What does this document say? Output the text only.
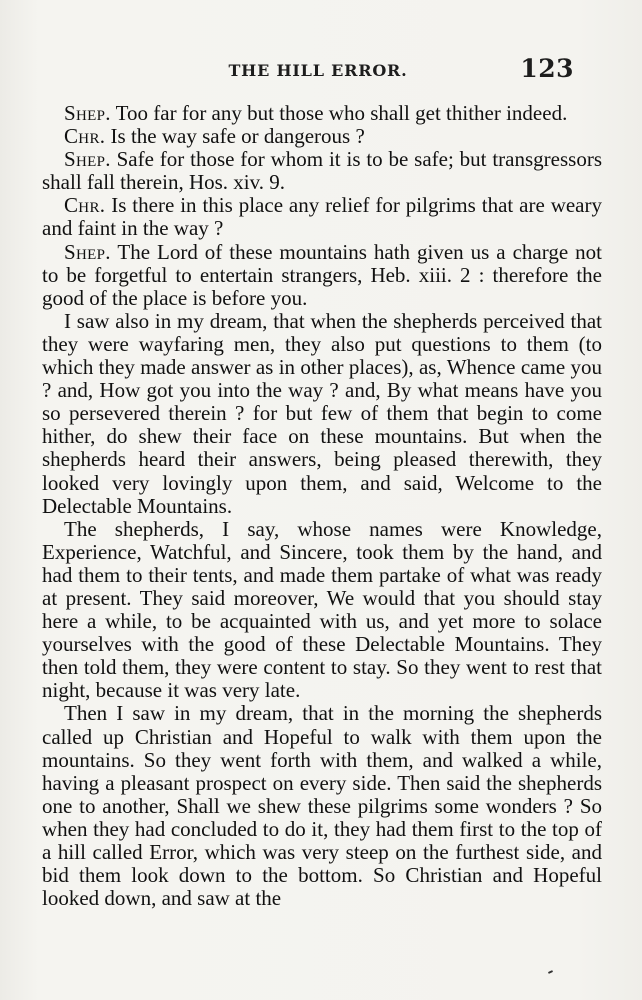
THE HILL ERROR.	123

Shep. Too far for any but those who shall get thither indeed.

Chr. Is the way safe or dangerous ?

Shep. Safe for those for whom it is to be safe; but transgressors shall fall therein, Hos. xiv. 9.

Chr. Is there in this place any relief for pilgrims that are weary and faint in the way ?

Shep. The Lord of these mountains hath given us a charge not to be forgetful to entertain strangers, Heb. xiii. 2 : therefore the good of the place is before you.

I saw also in my dream, that when the shepherds perceived that they were wayfaring men, they also put questions to them (to which they made answer as in other places), as, Whence came you ? and, How got you into the way ? and, By what means have you so persevered therein ? for but few of them that begin to come hither, do shew their face on these mountains. But when the shepherds heard their answers, being pleased therewith, they looked very lovingly upon them, and said, Welcome to the Delectable Mountains.

The shepherds, I say, whose names were Knowledge, Experience, Watchful, and Sincere, took them by the hand, and had them to their tents, and made them partake of what was ready at present. They said moreover, We would that you should stay here a while, to be acquainted with us, and yet more to solace yourselves with the good of these Delectable Mountains. They then told them, they were content to stay. So they went to rest that night, because it was very late.

Then I saw in my dream, that in the morning the shepherds called up Christian and Hopeful to walk with them upon the mountains. So they went forth with them, and walked a while, having a pleasant prospect on every side. Then said the shepherds one to another, Shall we shew these pilgrims some wonders ? So when they had concluded to do it, they had them first to the top of a hill called Error, which was very steep on the furthest side, and bid them look down to the bottom. So Christian and Hopeful looked down, and saw at the
